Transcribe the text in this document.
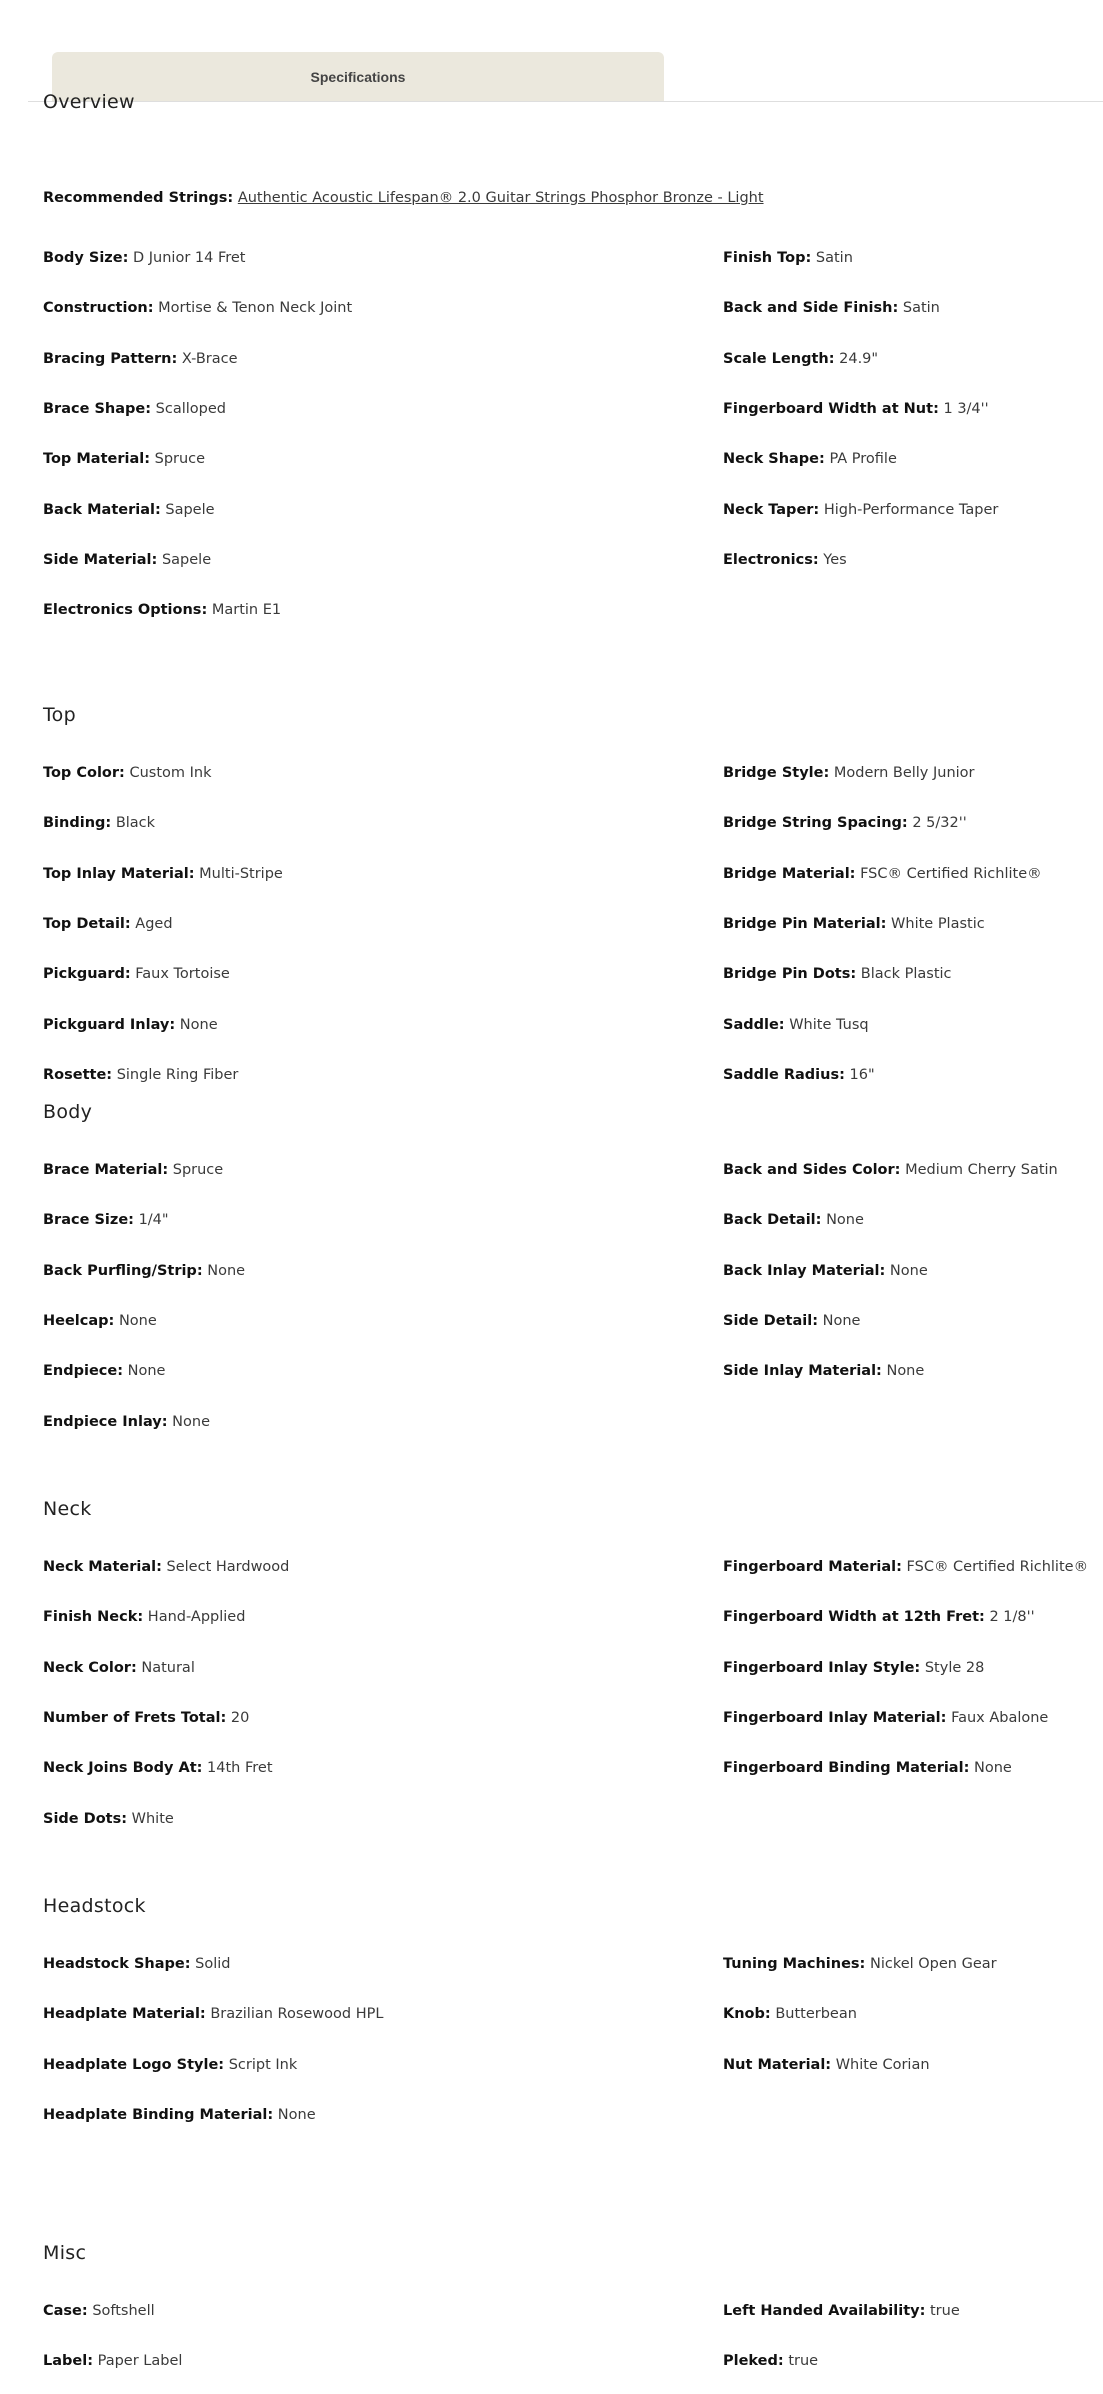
Specifications
Overview
Recommended Strings: Authentic Acoustic Lifespan® 2.0 Guitar Strings Phosphor Bronze - Light
Body Size: D Junior 14 Fret
Construction: Mortise & Tenon Neck Joint
Bracing Pattern: X-Brace
Brace Shape: Scalloped
Top Material: Spruce
Back Material: Sapele
Side Material: Sapele
Electronics Options: Martin E1
Finish Top: Satin
Back and Side Finish: Satin
Scale Length: 24.9"
Fingerboard Width at Nut: 1 3/4''
Neck Shape: PA Profile
Neck Taper: High-Performance Taper
Electronics: Yes
Top
Top Color: Custom Ink
Binding: Black
Top Inlay Material: Multi-Stripe
Top Detail: Aged
Pickguard: Faux Tortoise
Pickguard Inlay: None
Rosette: Single Ring Fiber
Bridge Style: Modern Belly Junior
Bridge String Spacing: 2 5/32''
Bridge Material: FSC® Certified Richlite®
Bridge Pin Material: White Plastic
Bridge Pin Dots: Black Plastic
Saddle: White Tusq
Saddle Radius: 16"
Body
Brace Material: Spruce
Brace Size: 1/4"
Back Purfling/Strip: None
Heelcap: None
Endpiece: None
Endpiece Inlay: None
Back and Sides Color: Medium Cherry Satin
Back Detail: None
Back Inlay Material: None
Side Detail: None
Side Inlay Material: None
Neck
Neck Material: Select Hardwood
Finish Neck: Hand-Applied
Neck Color: Natural
Number of Frets Total: 20
Neck Joins Body At: 14th Fret
Side Dots: White
Fingerboard Material: FSC® Certified Richlite®
Fingerboard Width at 12th Fret: 2 1/8''
Fingerboard Inlay Style: Style 28
Fingerboard Inlay Material: Faux Abalone
Fingerboard Binding Material: None
Headstock
Headstock Shape: Solid
Headplate Material: Brazilian Rosewood HPL
Headplate Logo Style: Script Ink
Headplate Binding Material: None
Tuning Machines: Nickel Open Gear
Knob: Butterbean
Nut Material: White Corian
Misc
Case: Softshell
Label: Paper Label
Left Handed Availability: true
Pleked: true
